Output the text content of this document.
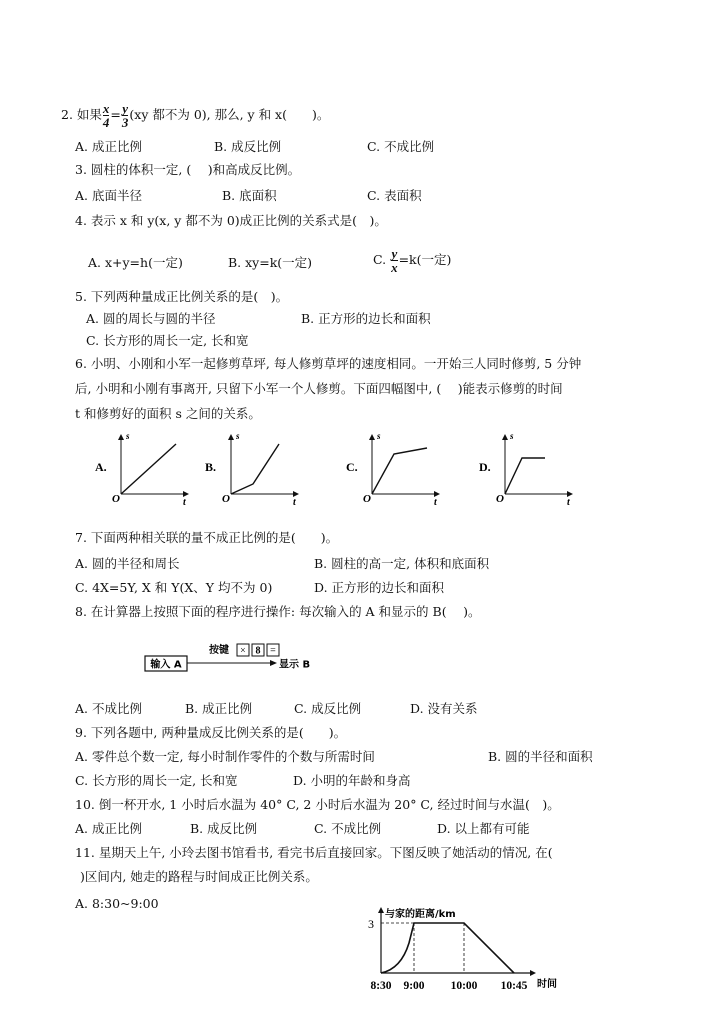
2. 如果 $\frac{x}{4} = \frac{y}{3} (xy$ 都不为 0), 那么, y 和 x(　　)。
A. 成正比例	B. 成反比例	C. 不成比例
3. 圆柱的体积一定, (　 )和高成反比例。
A. 底面半径	B. 底面积	C. 表面积
4. 表示 x 和 y(x, y 都不为 0)成正比例的关系式是(　)。
A. x+y=h(一定)	B. xy=k(一定)	C. $\frac{y}{x} =k$(一定)
5. 下列两种量成正比例关系的是(　)。
A. 圆的周长与圆的半径	B. 正方形的边长和面积
C. 长方形的周长一定, 长和宽
6. 小明、小刚和小军一起修剪草坪, 每人修剪草坪的速度相同。一开始三人同时修剪, 5 分钟
后, 小明和小刚有事离开, 只留下小军一个人修剪。下面四幅图中, (　 )能表示修剪的时间
t 和修剪好的面积 s 之间的关系。
A.
s
t
O
B.
s
t
O
C.
s
t
O
D.
s
t
O
7. 下面两种相关联的量不成正比例的是(　　)。
A. 圆的半径和周长	B. 圆柱的高一定, 体积和底面积
C. 4X=5Y, X 和 Y(X、Y 均不为 0)	D. 正方形的边长和面积
8. 在计算器上按照下面的程序进行操作: 每次输入的 A 和显示的 B(　 )。
输入 A
按键 × 8 =
显示 B
A. 不成比例	B. 成正比例	C. 成反比例	D. 没有关系
9. 下列各题中, 两种量成反比例关系的是(　　)。
A. 零件总个数一定, 每小时制作零件的个数与所需时间	B. 圆的半径和面积
C. 长方形的周长一定, 长和宽	D. 小明的年龄和身高
10. 倒一杯开水, 1 小时后水温为 40° C, 2 小时后水温为 20° C, 经过时间与水温(　)。
A. 成正比例	B. 成反比例	C. 不成比例	D. 以上都有可能
11. 星期天上午, 小玲去图书馆看书, 看完书后直接回家。下图反映了她活动的情况, 在(
)区间内, 她走的路程与时间成正比例关系。
A. 8:30~9:00
与家的距离/km
时间
3
8:30 9:00 10:00 10:45
